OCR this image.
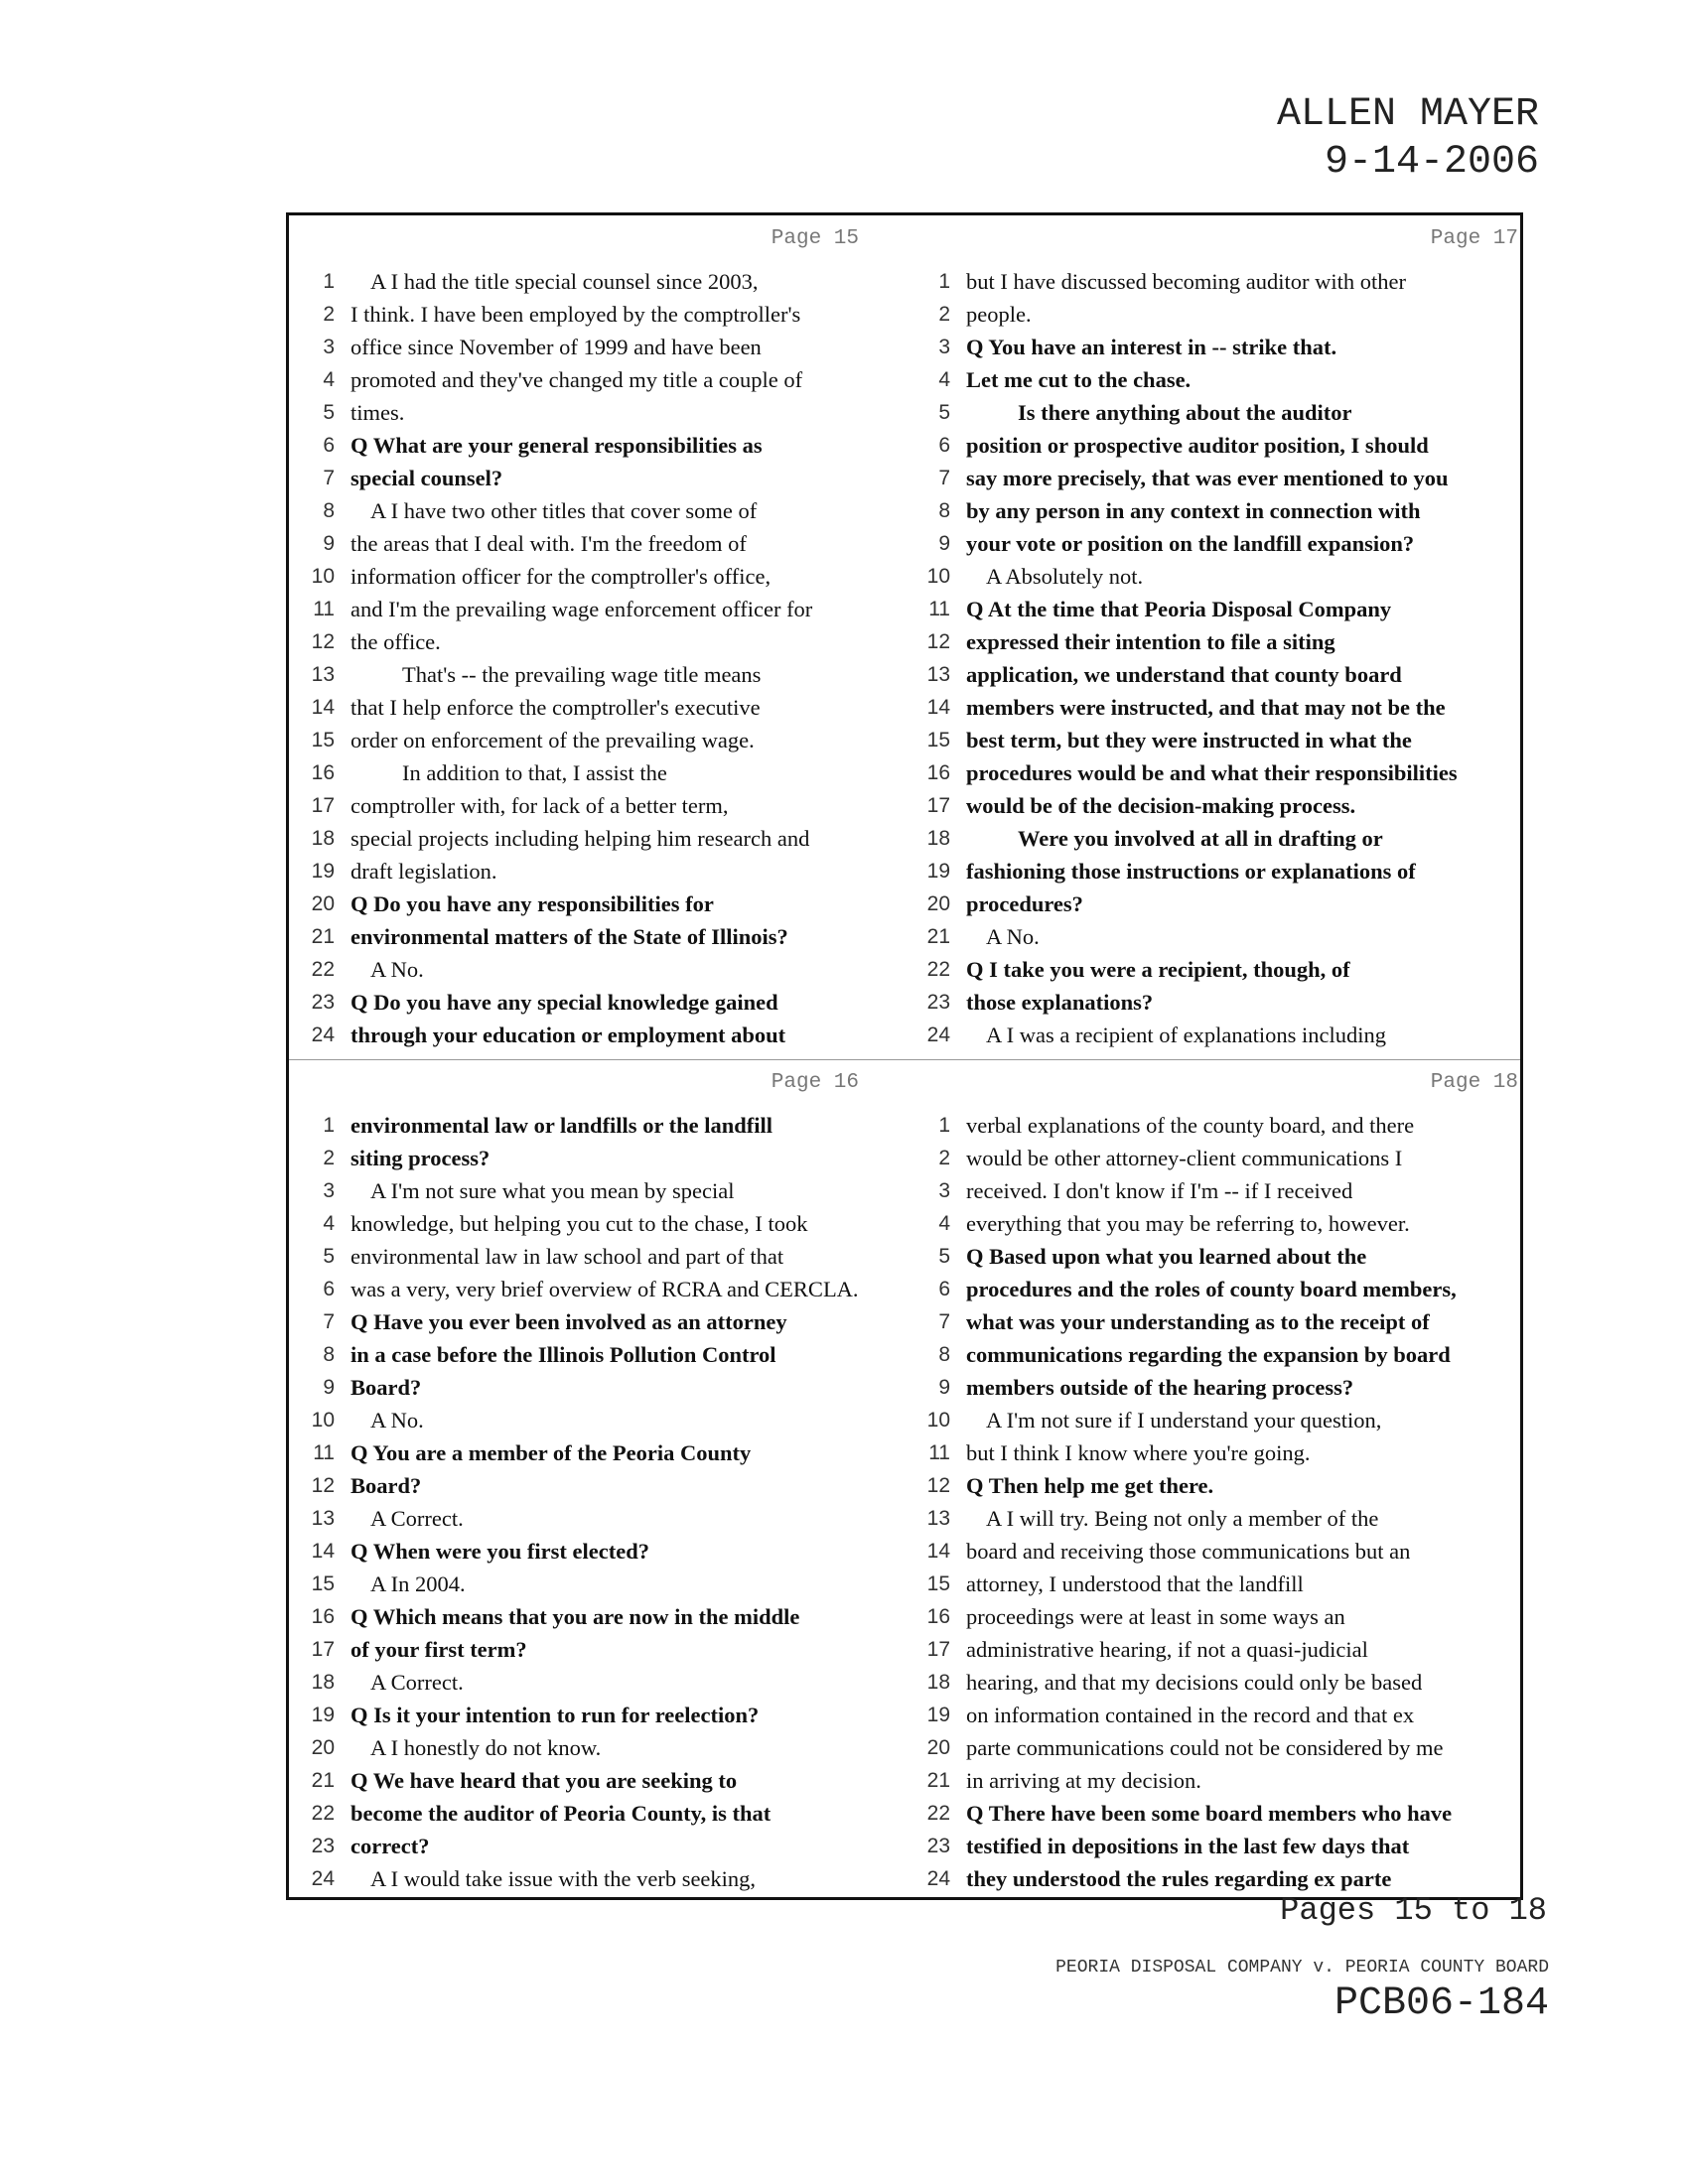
ALLEN MAYER
9-14-2006
Page 15
1	A I had the title special counsel since 2003,
2 I think. I have been employed by the comptroller's
3 office since November of 1999 and have been
4 promoted and they've changed my title a couple of
5 times.
6 Q What are your general responsibilities as
7 special counsel?
8	A I have two other titles that cover some of
9 the areas that I deal with. I'm the freedom of
10 information officer for the comptroller's office,
11 and I'm the prevailing wage enforcement officer for
12 the office.
13	That's -- the prevailing wage title means
14 that I help enforce the comptroller's executive
15 order on enforcement of the prevailing wage.
16	In addition to that, I assist the
17 comptroller with, for lack of a better term,
18 special projects including helping him research and
19 draft legislation.
20 Q Do you have any responsibilities for
21 environmental matters of the State of Illinois?
22	A No.
23 Q Do you have any special knowledge gained
24 through your education or employment about
Page 17
1 but I have discussed becoming auditor with other
2 people.
3 Q You have an interest in -- strike that.
4 Let me cut to the chase.
5	Is there anything about the auditor
6 position or prospective auditor position, I should
7 say more precisely, that was ever mentioned to you
8 by any person in any context in connection with
9 your vote or position on the landfill expansion?
10	A Absolutely not.
11 Q At the time that Peoria Disposal Company
12 expressed their intention to file a siting
13 application, we understand that county board
14 members were instructed, and that may not be the
15 best term, but they were instructed in what the
16 procedures would be and what their responsibilities
17 would be of the decision-making process.
18	Were you involved at all in drafting or
19 fashioning those instructions or explanations of
20 procedures?
21	A No.
22 Q I take you were a recipient, though, of
23 those explanations?
24	A I was a recipient of explanations including
Page 16
1 environmental law or landfills or the landfill
2 siting process?
3	A I'm not sure what you mean by special
4 knowledge, but helping you cut to the chase, I took
5 environmental law in law school and part of that
6 was a very, very brief overview of RCRA and CERCLA.
7 Q Have you ever been involved as an attorney
8 in a case before the Illinois Pollution Control
9 Board?
10	A No.
11 Q You are a member of the Peoria County
12 Board?
13	A Correct.
14 Q When were you first elected?
15	A In 2004.
16 Q Which means that you are now in the middle
17 of your first term?
18	A Correct.
19 Q Is it your intention to run for reelection?
20	A I honestly do not know.
21 Q We have heard that you are seeking to
22 become the auditor of Peoria County, is that
23 correct?
24	A I would take issue with the verb seeking,
Page 18
1 verbal explanations of the county board, and there
2 would be other attorney-client communications I
3 received. I don't know if I'm -- if I received
4 everything that you may be referring to, however.
5 Q Based upon what you learned about the
6 procedures and the roles of county board members,
7 what was your understanding as to the receipt of
8 communications regarding the expansion by board
9 members outside of the hearing process?
10	A I'm not sure if I understand your question,
11 but I think I know where you're going.
12 Q Then help me get there.
13	A I will try. Being not only a member of the
14 board and receiving those communications but an
15 attorney, I understood that the landfill
16 proceedings were at least in some ways an
17 administrative hearing, if not a quasi-judicial
18 hearing, and that my decisions could only be based
19 on information contained in the record and that ex
20 parte communications could not be considered by me
21 in arriving at my decision.
22 Q There have been some board members who have
23 testified in depositions in the last few days that
24 they understood the rules regarding ex parte
Pages 15 to 18
PEORIA DISPOSAL COMPANY v. PEORIA COUNTY BOARD
PCB06-184
